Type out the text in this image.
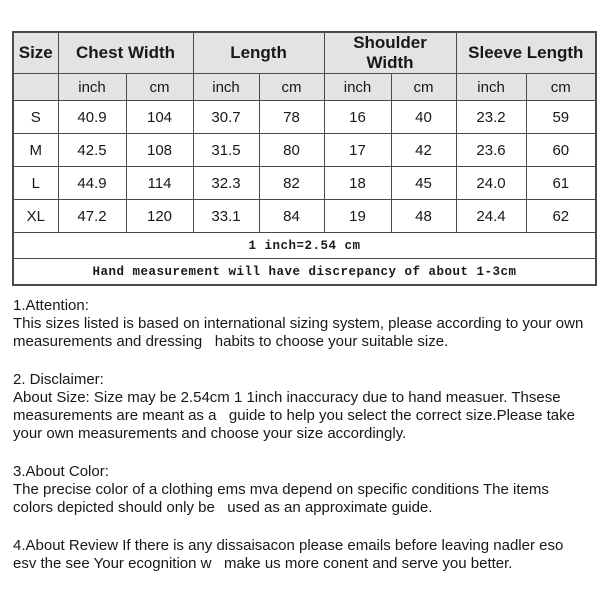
Size	Chest Width		Length		Shoulder Width		Sleeve Length	
	inch	cm	inch	cm	inch	cm	inch	cm
S	40.9	104	30.7	78	16	40	23.2	59
M	42.5	108	31.5	80	17	42	23.6	60
L	44.9	114	32.3	82	18	45	24.0	61
XL	47.2	120	33.1	84	19	48	24.4	62
1 inch=2.54 cm								
Hand measurement will have discrepancy of about 1-3cm								
1.Attention:
This sizes listed is based on international sizing system, please according to your own measurements and dressing   habits to choose your suitable size.
2. Disclaimer:
About Size: Size may be 2.54cm 1 1inch inaccuracy due to hand measuer. Thsese measurements are meant as a   guide to help you select the correct size.Please take your own measurements and choose your size accordingly.
3.About Color:
The precise color of a clothing ems mva depend on specific conditions The items colors depicted should only be   used as an approximate guide.
4.About Review If there is any dissaisacon please emails before leaving nadler eso esv the see Your ecognition w   make us more conent and serve you better.
